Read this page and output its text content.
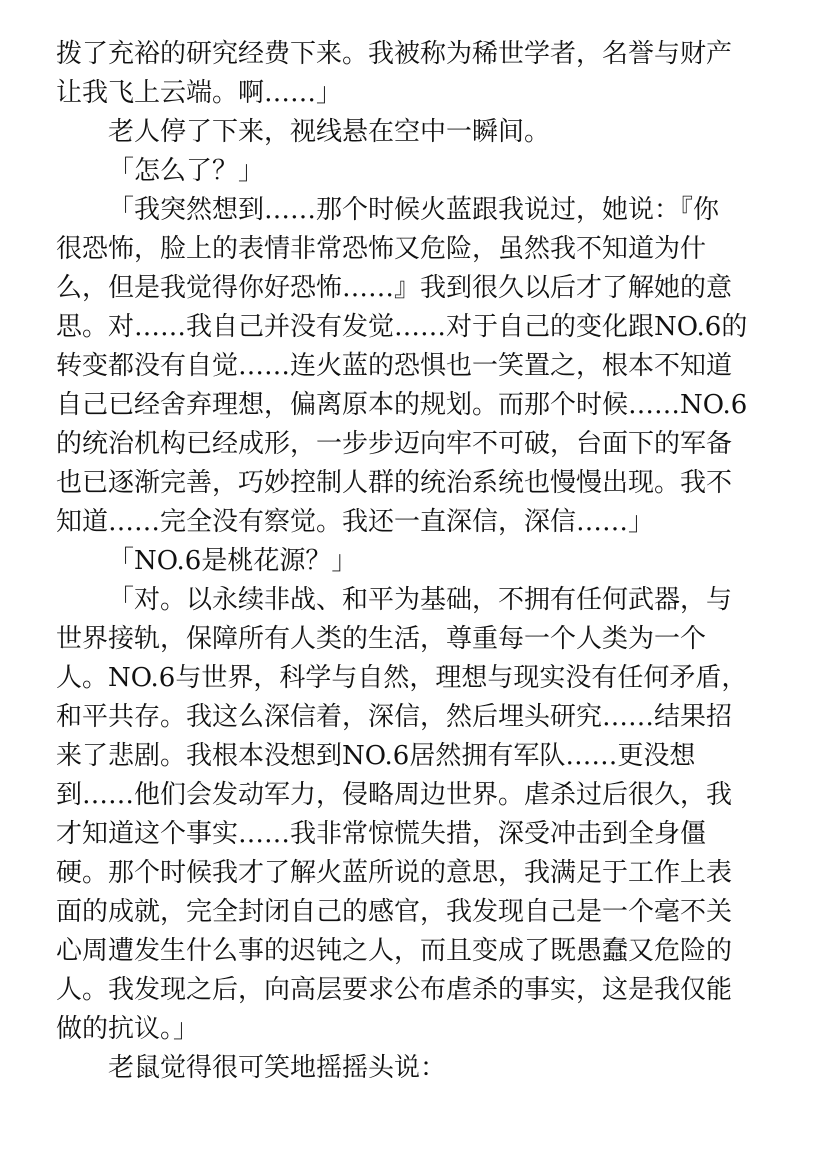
拨了充裕的研究经费下来。我被称为稀世学者，名誉与财产
让我飞上云端。啊……」
老人停了下来，视线悬在空中一瞬间。
「怎么了？」
「我突然想到……那个时候火蓝跟我说过，她说：『你
很恐怖，脸上的表情非常恐怖又危险，虽然我不知道为什
么，但是我觉得你好恐怖……』我到很久以后才了解她的意
思。对……我自己并没有发觉……对于自己的变化跟NO.6的
转变都没有自觉……连火蓝的恐惧也一笑置之，根本不知道
自己已经舍弃理想，偏离原本的规划。而那个时候……NO.6
的统治机构已经成形，一步步迈向牢不可破，台面下的军备
也已逐渐完善，巧妙控制人群的统治系统也慢慢出现。我不
知道……完全没有察觉。我还一直深信，深信……」
「NO.6是桃花源？」
「对。以永续非战、和平为基础，不拥有任何武器，与
世界接轨，保障所有人类的生活，尊重每一个人类为一个
人。NO.6与世界，科学与自然，理想与现实没有任何矛盾，
和平共存。我这么深信着，深信，然后埋头研究……结果招
来了悲剧。我根本没想到NO.6居然拥有军队……更没想
到……他们会发动军力，侵略周边世界。虐杀过后很久，我
才知道这个事实……我非常惊慌失措，深受冲击到全身僵
硬。那个时候我才了解火蓝所说的意思，我满足于工作上表
面的成就，完全封闭自己的感官，我发现自己是一个毫不关
心周遭发生什么事的迟钝之人，而且变成了既愚蠢又危险的
人。我发现之后，向高层要求公布虐杀的事实，这是我仅能
做的抗议。」
老鼠觉得很可笑地摇摇头说：
